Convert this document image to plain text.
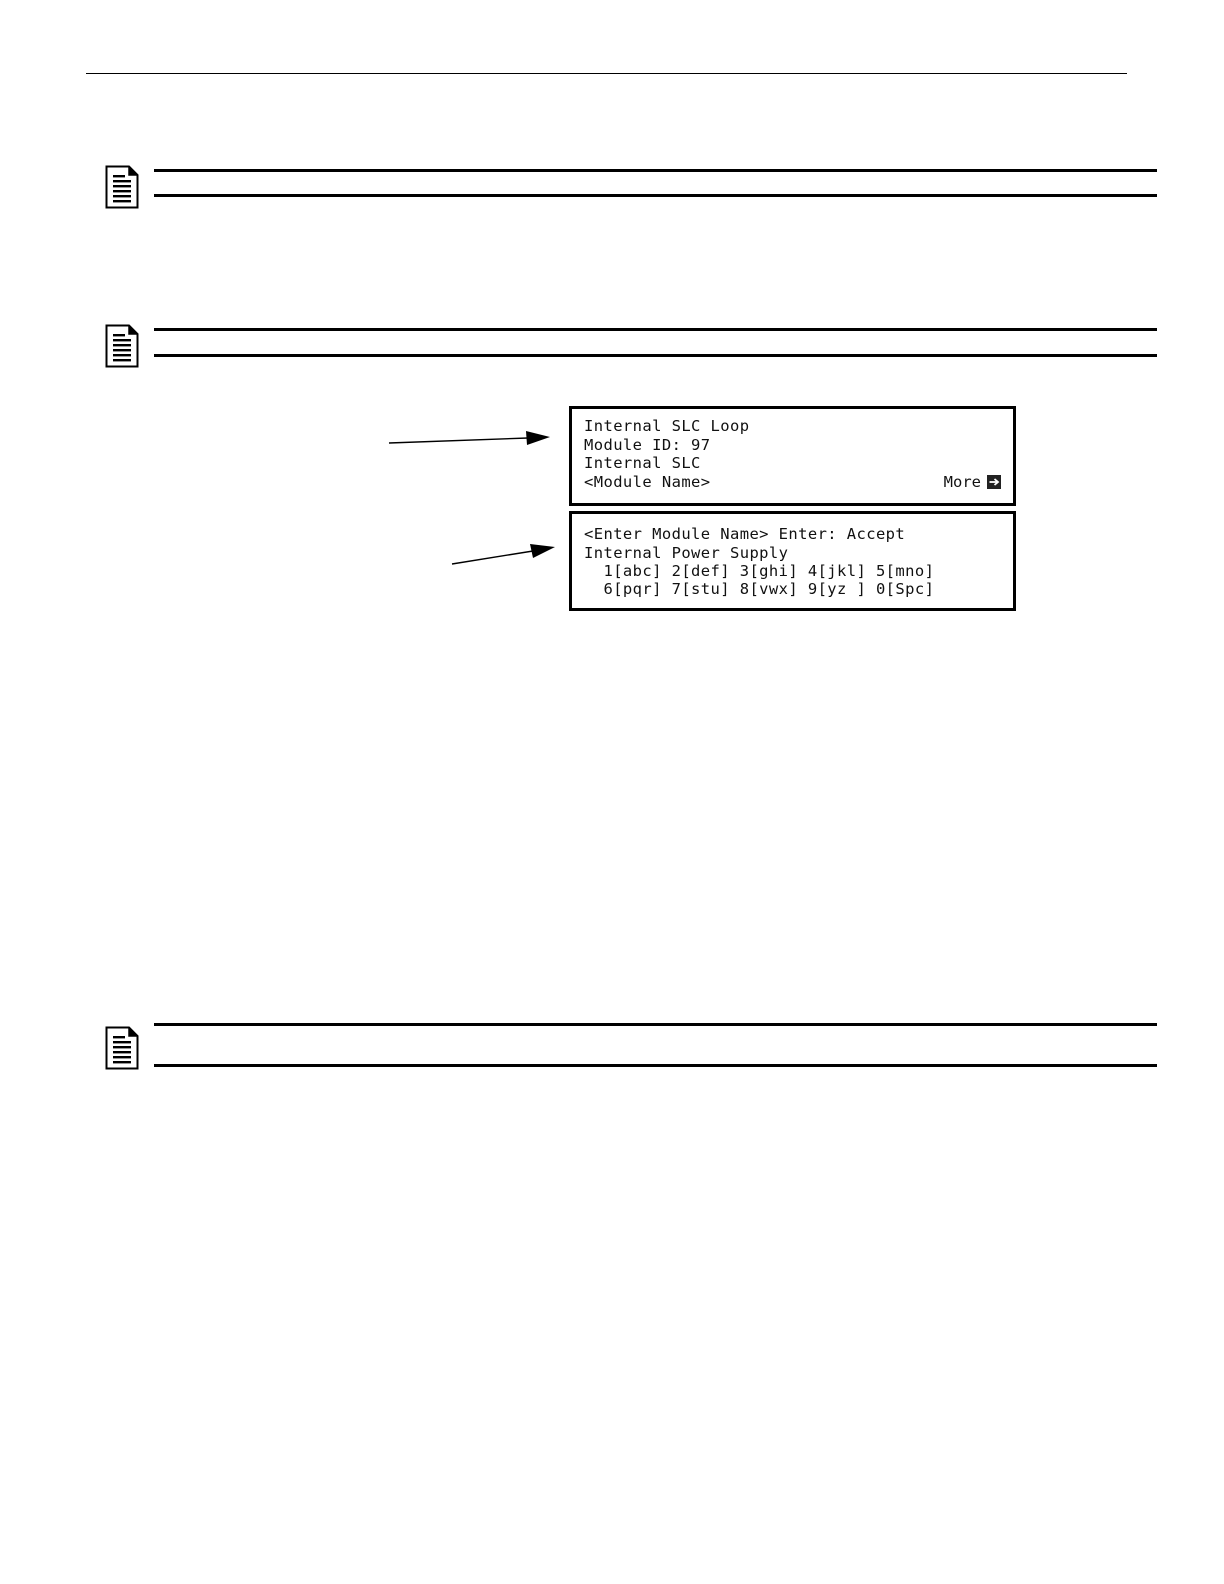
Internal SLC Loop
Module ID: 97
Internal SLC
<Module Name>	More
<Enter Module Name> Enter: Accept
Internal Power Supply
1[abc] 2[def] 3[ghi] 4[jkl] 5[mno]
6[pqr] 7[stu] 8[vwx] 9[yz ] 0[Spc]
